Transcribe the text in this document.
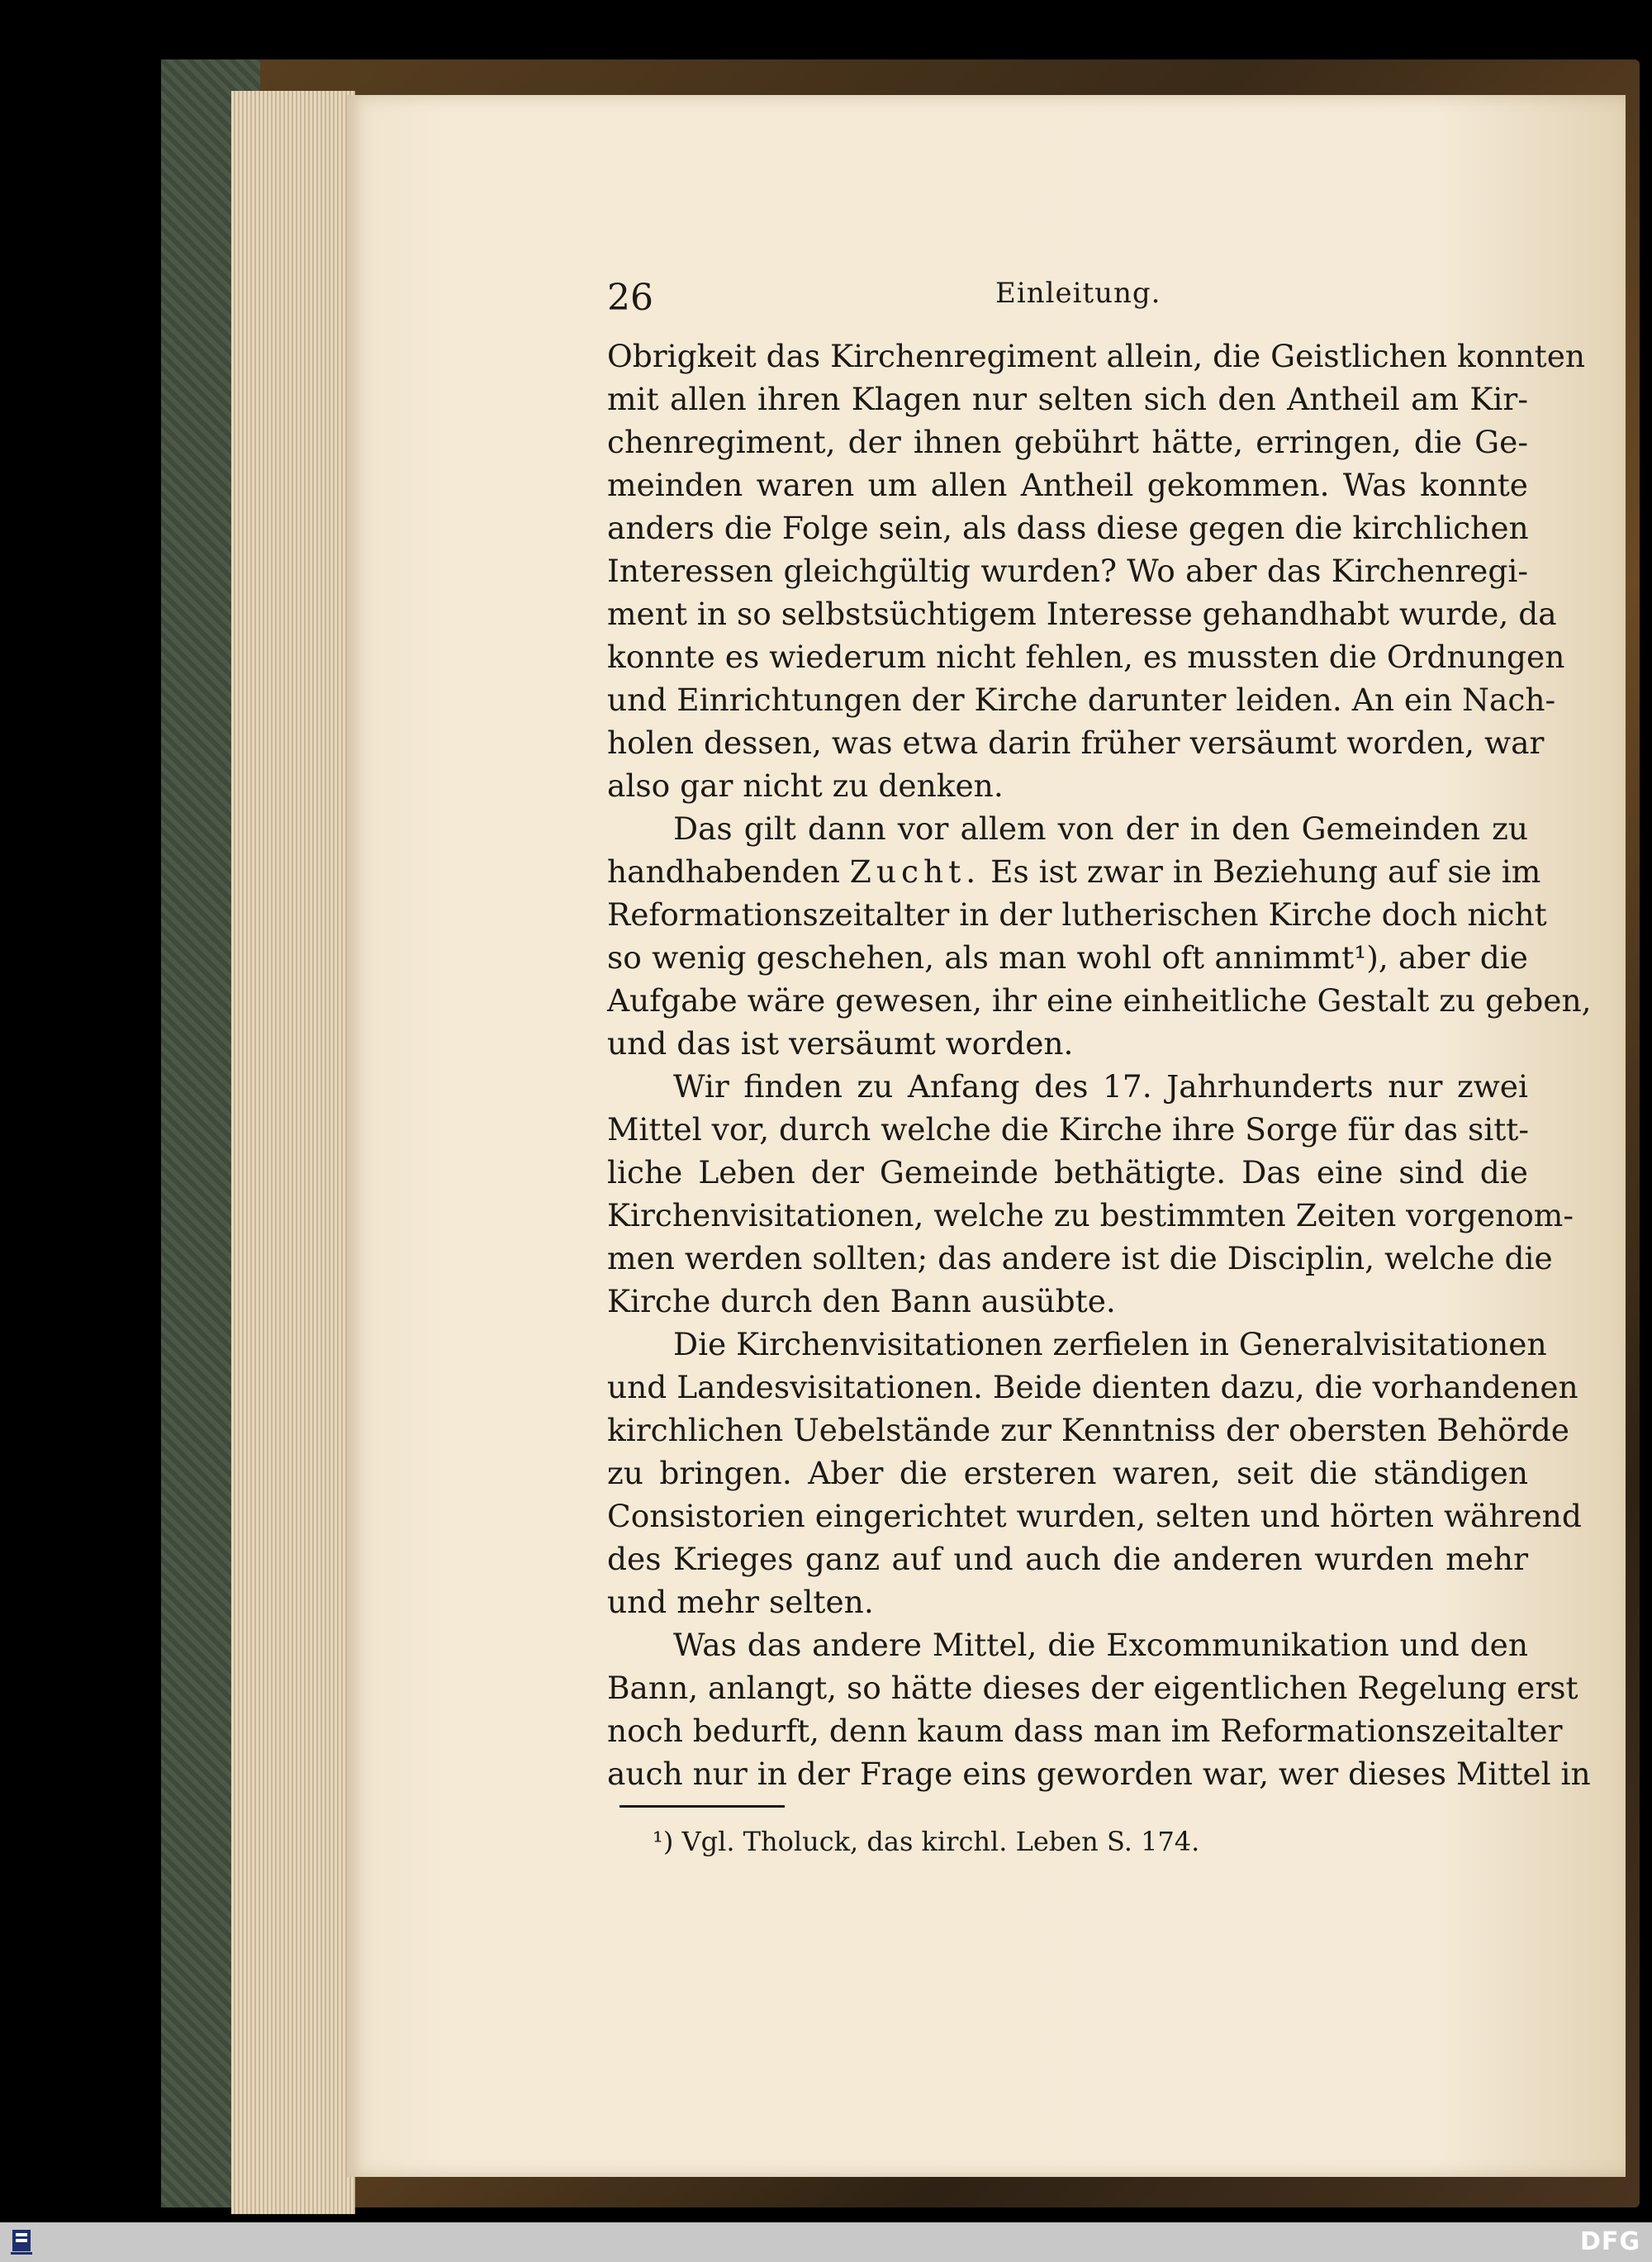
26	Einleitung.
Obrigkeit das Kirchenregiment allein, die Geistlichen konnten
mit allen ihren Klagen nur selten sich den Antheil am Kir-
chenregiment, der ihnen gebührt hätte, erringen, die Ge-
meinden waren um allen Antheil gekommen. Was konnte
anders die Folge sein, als dass diese gegen die kirchlichen
Interessen gleichgültig wurden? Wo aber das Kirchenregi-
ment in so selbstsüchtigem Interesse gehandhabt wurde, da
konnte es wiederum nicht fehlen, es mussten die Ordnungen
und Einrichtungen der Kirche darunter leiden. An ein Nach-
holen dessen, was etwa darin früher versäumt worden, war
also gar nicht zu denken.
Das gilt dann vor allem von der in den Gemeinden zu
handhabenden Zucht. Es ist zwar in Beziehung auf sie im
Reformationszeitalter in der lutherischen Kirche doch nicht
so wenig geschehen, als man wohl oft annimmt¹), aber die
Aufgabe wäre gewesen, ihr eine einheitliche Gestalt zu geben,
und das ist versäumt worden.
Wir finden zu Anfang des 17. Jahrhunderts nur zwei
Mittel vor, durch welche die Kirche ihre Sorge für das sitt-
liche Leben der Gemeinde bethätigte. Das eine sind die
Kirchenvisitationen, welche zu bestimmten Zeiten vorgenom-
men werden sollten; das andere ist die Disciplin, welche die
Kirche durch den Bann ausübte.
Die Kirchenvisitationen zerfielen in Generalvisitationen
und Landesvisitationen. Beide dienten dazu, die vorhandenen
kirchlichen Uebelstände zur Kenntniss der obersten Behörde
zu bringen. Aber die ersteren waren, seit die ständigen
Consistorien eingerichtet wurden, selten und hörten während
des Krieges ganz auf und auch die anderen wurden mehr
und mehr selten.
Was das andere Mittel, die Excommunikation und den
Bann, anlangt, so hätte dieses der eigentlichen Regelung erst
noch bedurft, denn kaum dass man im Reformationszeitalter
auch nur in der Frage eins geworden war, wer dieses Mittel in
¹) Vgl. Tholuck, das kirchl. Leben S. 174.
DFG
